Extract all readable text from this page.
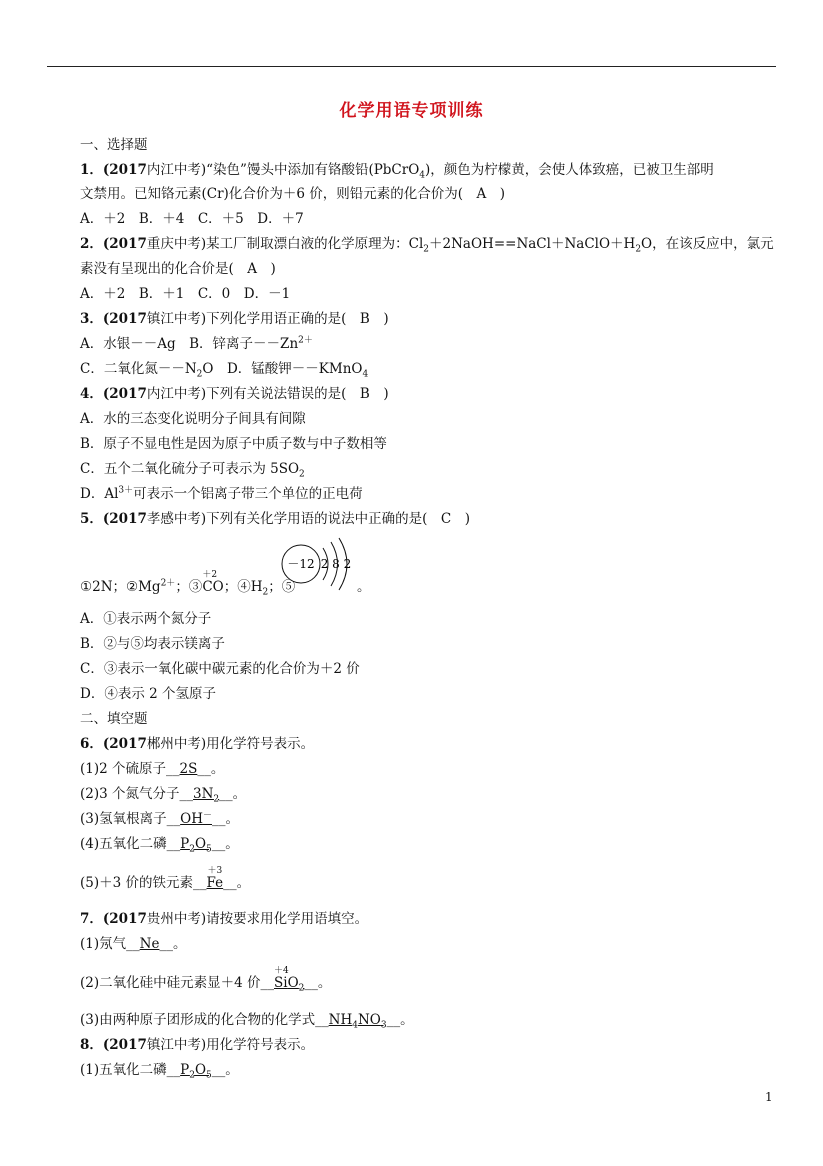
化学用语专项训练
一、选择题
1．(2017内江中考)“染色”馒头中添加有铬酸铅(PbCrO$_4$)，颜色为柠檬黄，会使人体致癌，已被卫生部明
文禁用。已知铬元素(Cr)化合价为＋6 价，则铅元素的化合价为(　A　)
A．＋2　B．＋4　C．＋5　D．＋7
2．(2017重庆中考)某工厂制取漂白液的化学原理为：$Cl_2+2NaOH==NaCl+NaClO+H_2O$，在该反应中，氯元
素没有呈现出的化合价是(　A　)
A．＋2　B．＋1　C．0　D．－1
3．(2017镇江中考)下列化学用语正确的是(　B　)
A．水银－－Ag　B．锌离子$--Zn^{2+}$
C．二氧化氮$--N_2O$　D．锰酸钾－－KMnO$_4$
4．(2017内江中考)下列有关说法错误的是(　B　)
A．水的三态变化说明分子间具有间隙
B．原子不显电性是因为原子中质子数与中子数相等
C．五个二氧化硫分子可表示为 $5SO_2$
D．$Al^{3+}$可表示一个铝离子带三个单位的正电荷
5．(2017孝感中考)下列有关化学用语的说法中正确的是(　C　)
①2N；$②Mg^{2+}$；③
＋2
CO；$④H_2$；⑤
－12 2 8 2
。
A．①表示两个氮分子
B．②与⑤均表示镁离子
C．③表示一氧化碳中碳元素的化合价为＋2 价
D．④表示 2 个氢原子
二、填空题
6．(2017郴州中考)用化学符号表示。
(1)2 个硫原子__2S__。
(2)3 个氮气分子$\_\_3N_2\_\_$。
(3)氢氧根离子__OH－__。
(4)五氧化二磷$\_\_P_2O_5\_\_$。
(5)＋3 价的铁元素__
＋3
Fe__。
7．(2017贵州中考)请按要求用化学用语填空。
(1)氖气__Ne__。
(2)二氧化硅中硅元素显＋4 价__
＋4
SiO$_2$__。
(3)由两种原子团形成的化合物的化学式$\_\_NH_4NO_3\_\_$。
8．(2017镇江中考)用化学符号表示。
(1)五氧化二磷$\_\_P_2O_5\_\_$。
1
